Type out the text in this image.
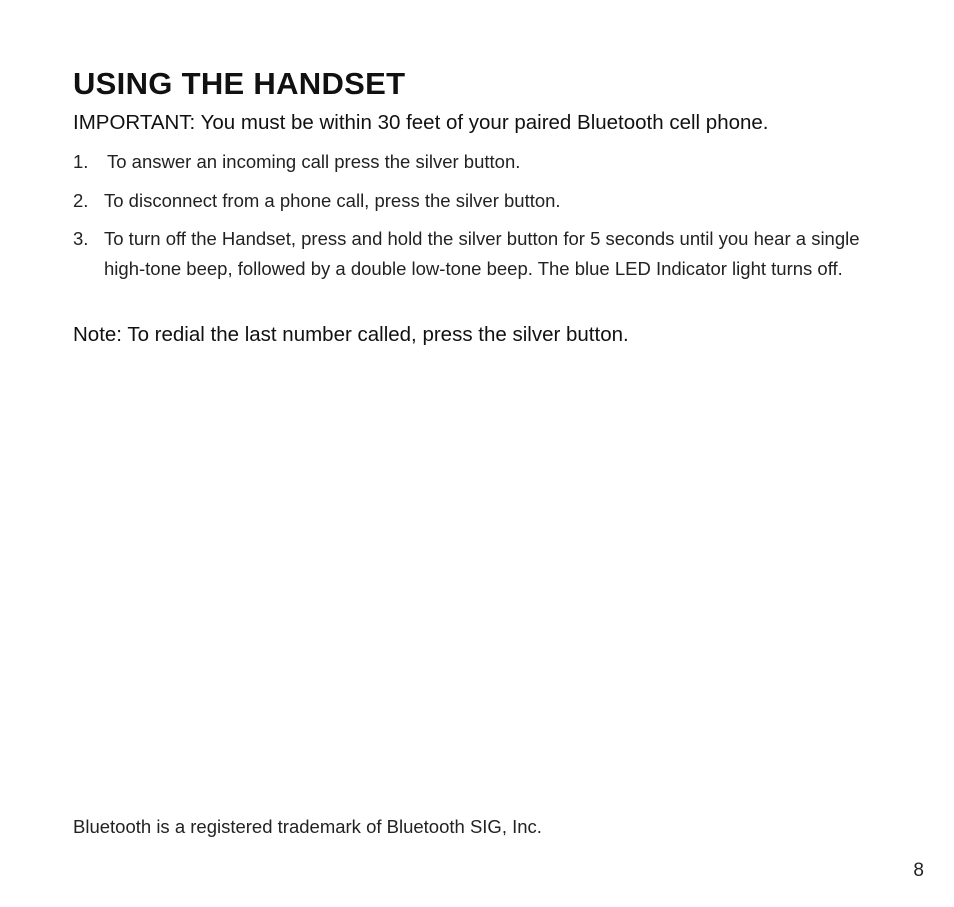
USING THE HANDSET

IMPORTANT: You must be within 30 feet of your paired Bluetooth cell phone.

1. To answer an incoming call press the silver button.
2. To disconnect from a phone call, press the silver button.
3. To turn off the Handset, press and hold the silver button for 5 seconds until you hear a single high-tone beep, followed by a double low-tone beep. The blue LED Indicator light turns off.

Note: To redial the last number called, press the silver button.

Bluetooth is a registered trademark of Bluetooth SIG, Inc.

8
